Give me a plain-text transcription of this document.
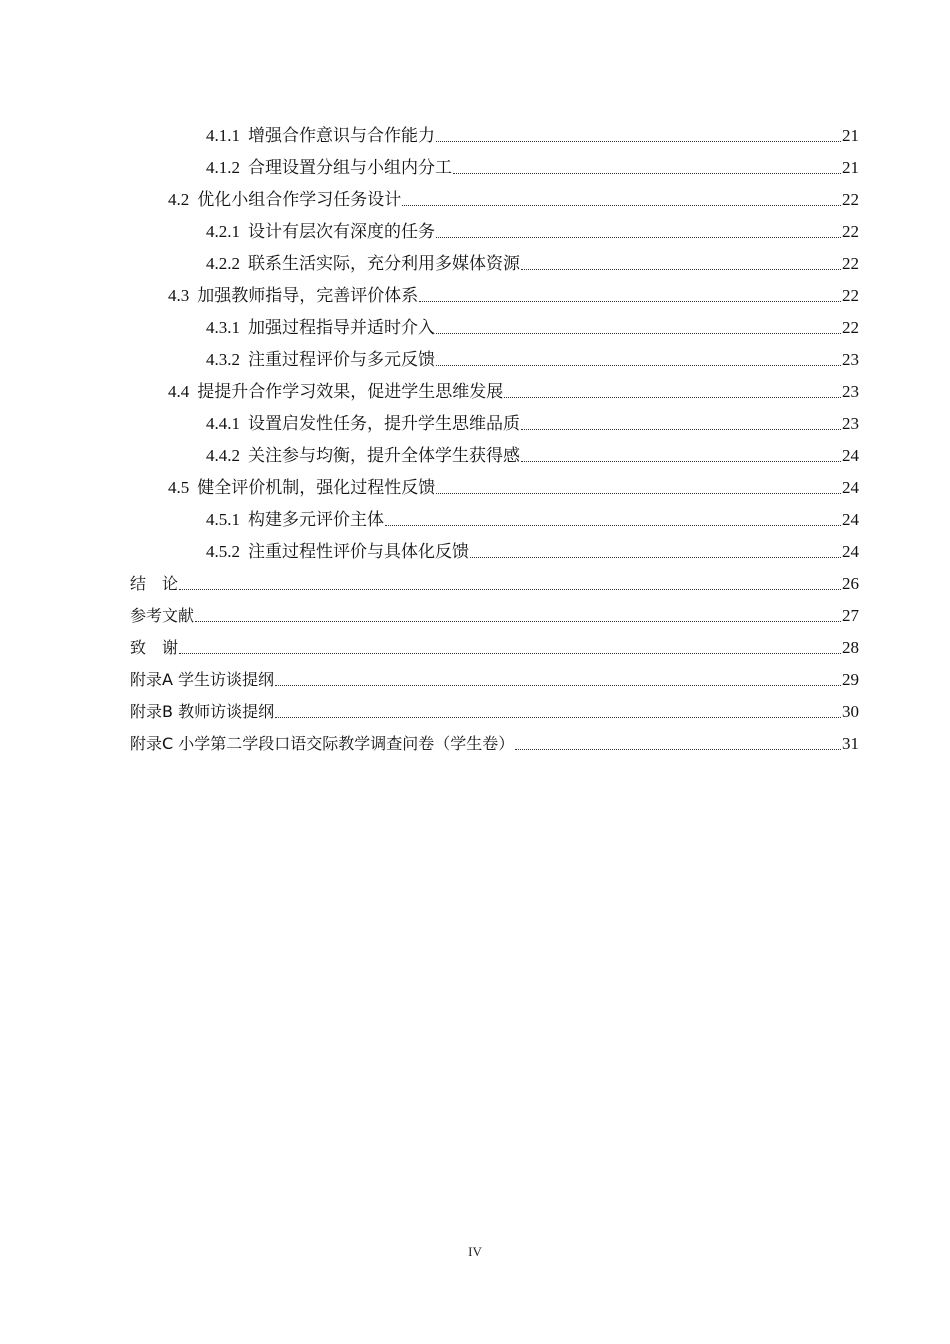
4.1.1 增强合作意识与合作能力	21
4.1.2 合理设置分组与小组内分工	21
4.2 优化小组合作学习任务设计	22
4.2.1 设计有层次有深度的任务	22
4.2.2 联系生活实际，充分利用多媒体资源	22
4.3 加强教师指导，完善评价体系	22
4.3.1 加强过程指导并适时介入	22
4.3.2 注重过程评价与多元反馈	23
4.4 提提升合作学习效果，促进学生思维发展	23
4.4.1 设置启发性任务，提升学生思维品质	23
4.4.2 关注参与均衡，提升全体学生获得感	24
4.5 健全评价机制，强化过程性反馈	24
4.5.1 构建多元评价主体	24
4.5.2 注重过程性评价与具体化反馈	24
结　论	26
参考文献	27
致　谢	28
附录A 学生访谈提纲	29
附录B 教师访谈提纲	30
附录C 小学第二学段口语交际教学调查问卷（学生卷）	31
IV
